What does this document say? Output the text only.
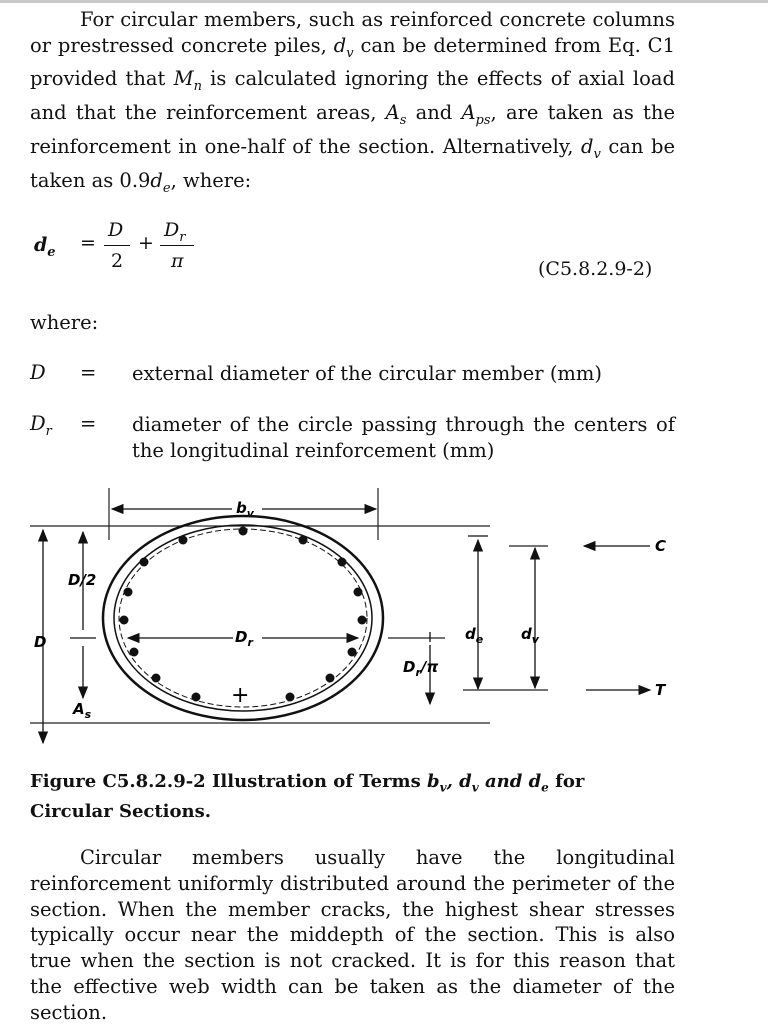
For circular members, such as reinforced concrete columns or prestressed concrete piles, $d_v$ can be determined from Eq. C1 provided that $M_n$ is calculated ignoring the effects of axial load and that the reinforcement areas, $A_s$ and $A_{ps}$, are taken as the reinforcement in one-half of the section. Alternatively, $d_v$ can be taken as $0.9d_e$, where:

$d_e$ =
D
2
+
$D_r$
π	(C5.8.2.9-2)
where:
D = external diameter of the circular member (mm)
$D_r$ = diameter of the circle passing through the centers of the longitudinal reinforcement (mm)
$b_v$
$D_r$
+
D
D/2
$A_s$
$D_r/\pi$
$d_e$	$d_v$
C
T
Figure C5.8.2.9-2 Illustration of Terms $b_v$, $d_v$ and $d_e$ for
Circular Sections.

Circular members usually have the longitudinal reinforcement uniformly distributed around the perimeter of the section. When the member cracks, the highest shear stresses typically occur near the middepth of the section. This is also true when the section is not cracked. It is for this reason that the effective web width can be taken as the diameter of the section.
